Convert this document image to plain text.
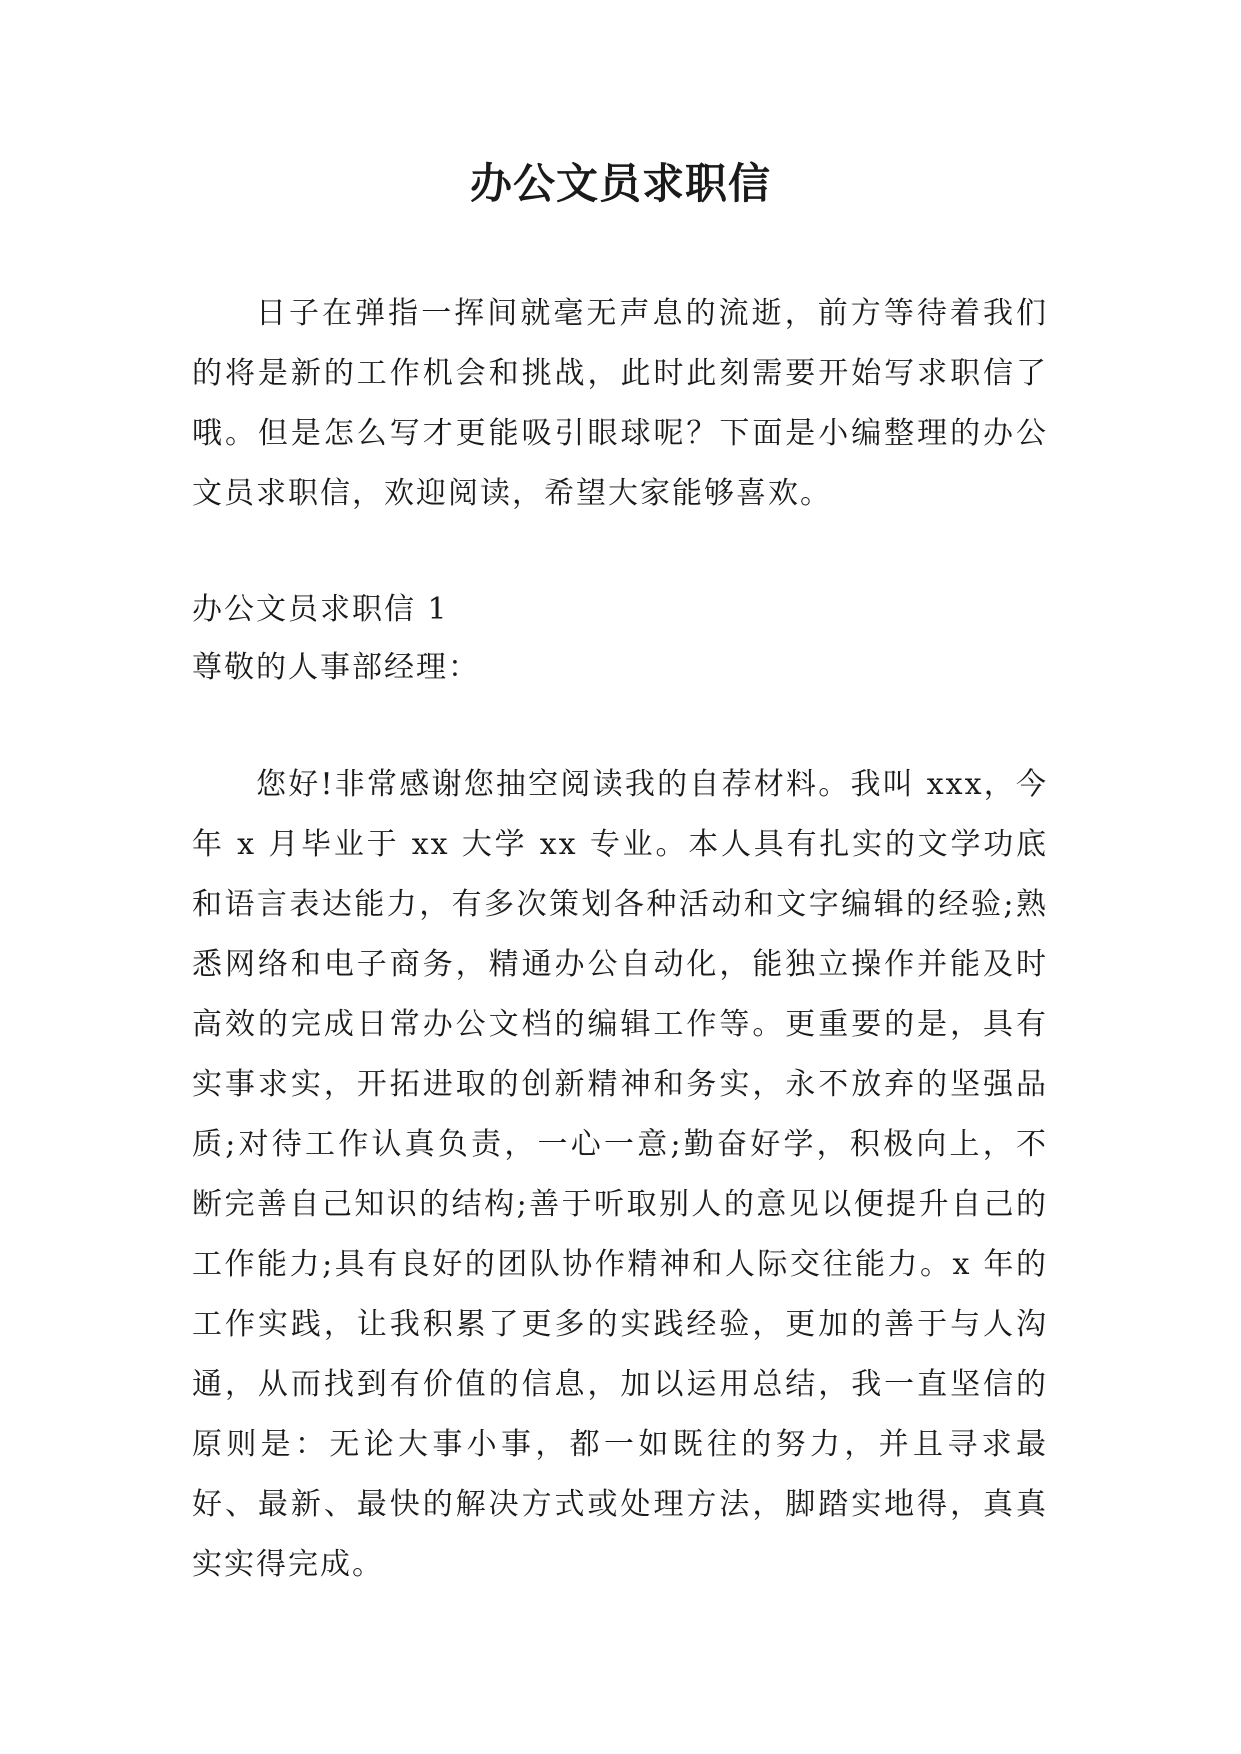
办公文员求职信

日子在弹指一挥间就毫无声息的流逝，前方等待着我们的将是新的工作机会和挑战，此时此刻需要开始写求职信了哦。但是怎么写才更能吸引眼球呢？下面是小编整理的办公文员求职信，欢迎阅读，希望大家能够喜欢。

办公文员求职信 1

尊敬的人事部经理：

您好!非常感谢您抽空阅读我的自荐材料。我叫 xxx，今年 x 月毕业于 xx 大学 xx 专业。本人具有扎实的文学功底和语言表达能力，有多次策划各种活动和文字编辑的经验;熟悉网络和电子商务，精通办公自动化，能独立操作并能及时高效的完成日常办公文档的编辑工作等。更重要的是，具有实事求实，开拓进取的创新精神和务实，永不放弃的坚强品质;对待工作认真负责，一心一意;勤奋好学，积极向上，不断完善自己知识的结构;善于听取别人的意见以便提升自己的工作能力;具有良好的团队协作精神和人际交往能力。x 年的工作实践，让我积累了更多的实践经验，更加的善于与人沟通，从而找到有价值的信息，加以运用总结，我一直坚信的原则是：无论大事小事，都一如既往的努力，并且寻求最好、最新、最快的解决方式或处理方法，脚踏实地得，真真实实得完成。
